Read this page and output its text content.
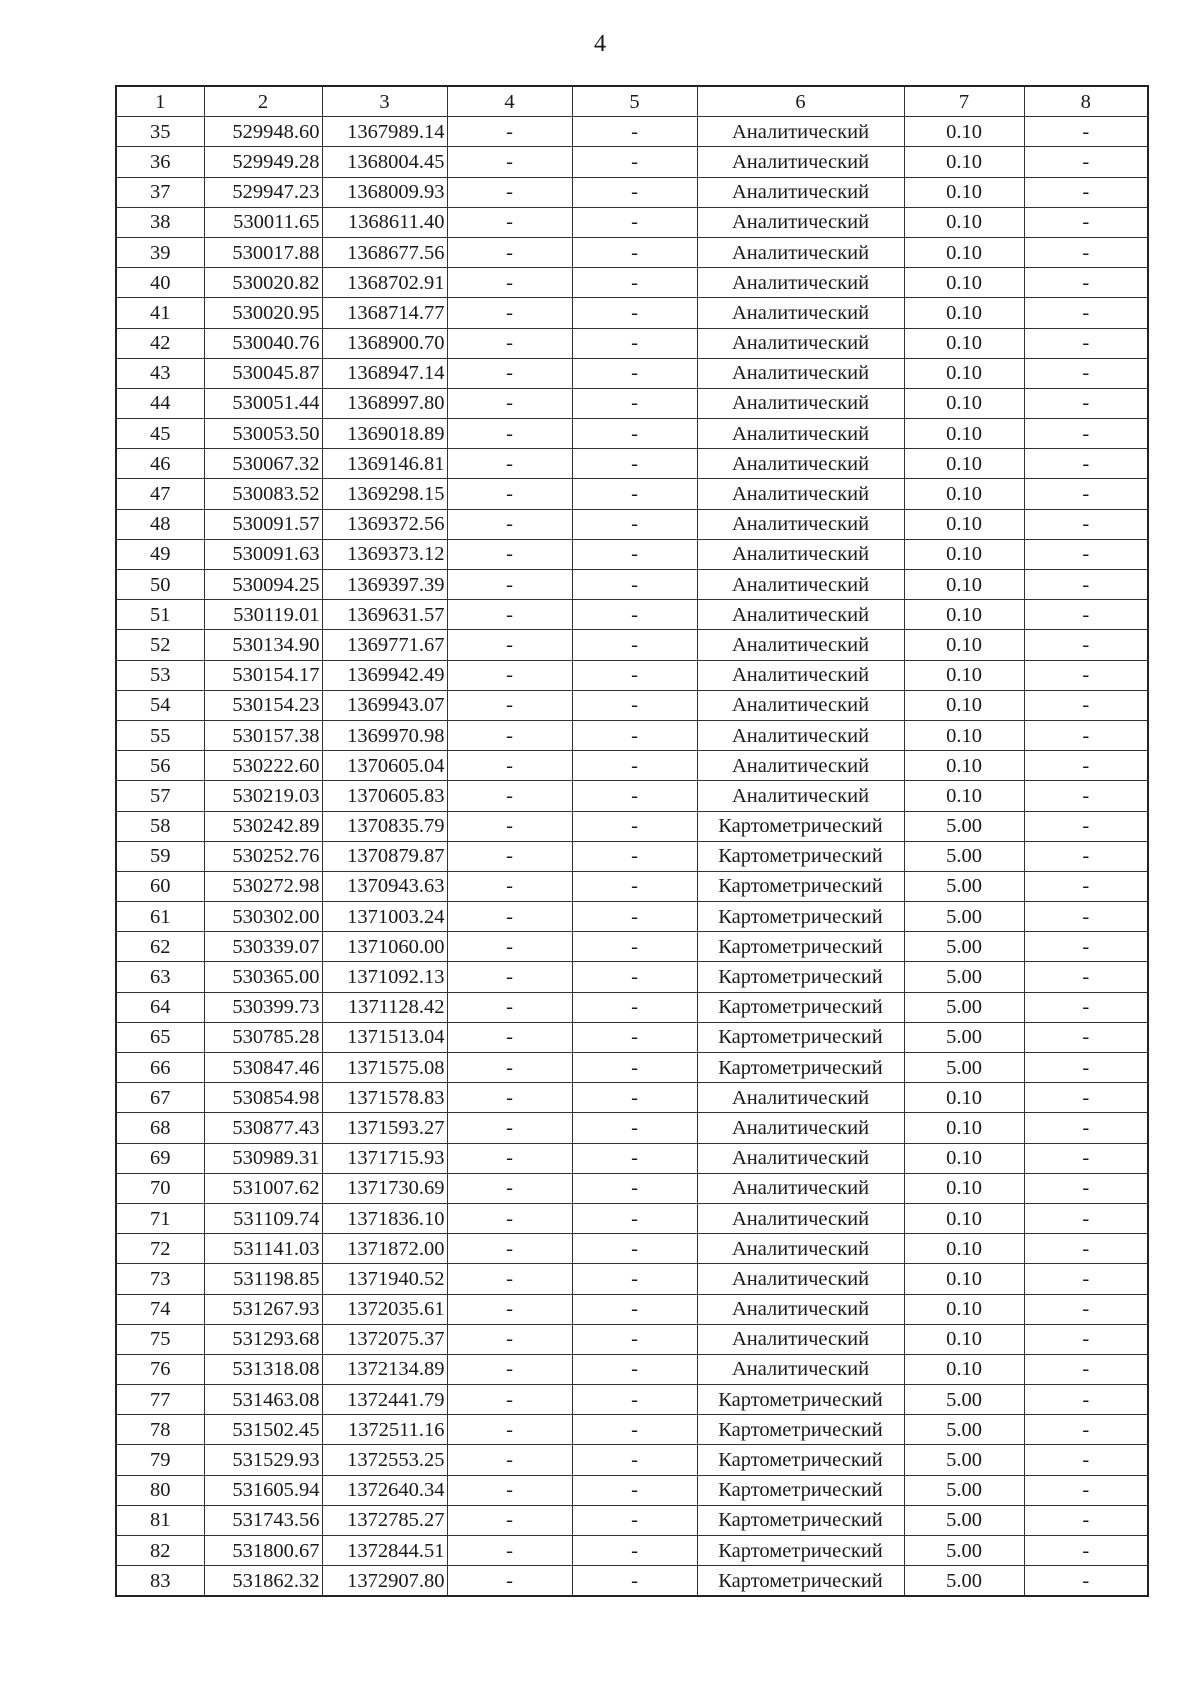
4
1	2	3	4	5	6	7	8
35	529948.60	1367989.14	-	-	Аналитический	0.10	-
36	529949.28	1368004.45	-	-	Аналитический	0.10	-
37	529947.23	1368009.93	-	-	Аналитический	0.10	-
38	530011.65	1368611.40	-	-	Аналитический	0.10	-
39	530017.88	1368677.56	-	-	Аналитический	0.10	-
40	530020.82	1368702.91	-	-	Аналитический	0.10	-
41	530020.95	1368714.77	-	-	Аналитический	0.10	-
42	530040.76	1368900.70	-	-	Аналитический	0.10	-
43	530045.87	1368947.14	-	-	Аналитический	0.10	-
44	530051.44	1368997.80	-	-	Аналитический	0.10	-
45	530053.50	1369018.89	-	-	Аналитический	0.10	-
46	530067.32	1369146.81	-	-	Аналитический	0.10	-
47	530083.52	1369298.15	-	-	Аналитический	0.10	-
48	530091.57	1369372.56	-	-	Аналитический	0.10	-
49	530091.63	1369373.12	-	-	Аналитический	0.10	-
50	530094.25	1369397.39	-	-	Аналитический	0.10	-
51	530119.01	1369631.57	-	-	Аналитический	0.10	-
52	530134.90	1369771.67	-	-	Аналитический	0.10	-
53	530154.17	1369942.49	-	-	Аналитический	0.10	-
54	530154.23	1369943.07	-	-	Аналитический	0.10	-
55	530157.38	1369970.98	-	-	Аналитический	0.10	-
56	530222.60	1370605.04	-	-	Аналитический	0.10	-
57	530219.03	1370605.83	-	-	Аналитический	0.10	-
58	530242.89	1370835.79	-	-	Картометрический	5.00	-
59	530252.76	1370879.87	-	-	Картометрический	5.00	-
60	530272.98	1370943.63	-	-	Картометрический	5.00	-
61	530302.00	1371003.24	-	-	Картометрический	5.00	-
62	530339.07	1371060.00	-	-	Картометрический	5.00	-
63	530365.00	1371092.13	-	-	Картометрический	5.00	-
64	530399.73	1371128.42	-	-	Картометрический	5.00	-
65	530785.28	1371513.04	-	-	Картометрический	5.00	-
66	530847.46	1371575.08	-	-	Картометрический	5.00	-
67	530854.98	1371578.83	-	-	Аналитический	0.10	-
68	530877.43	1371593.27	-	-	Аналитический	0.10	-
69	530989.31	1371715.93	-	-	Аналитический	0.10	-
70	531007.62	1371730.69	-	-	Аналитический	0.10	-
71	531109.74	1371836.10	-	-	Аналитический	0.10	-
72	531141.03	1371872.00	-	-	Аналитический	0.10	-
73	531198.85	1371940.52	-	-	Аналитический	0.10	-
74	531267.93	1372035.61	-	-	Аналитический	0.10	-
75	531293.68	1372075.37	-	-	Аналитический	0.10	-
76	531318.08	1372134.89	-	-	Аналитический	0.10	-
77	531463.08	1372441.79	-	-	Картометрический	5.00	-
78	531502.45	1372511.16	-	-	Картометрический	5.00	-
79	531529.93	1372553.25	-	-	Картометрический	5.00	-
80	531605.94	1372640.34	-	-	Картометрический	5.00	-
81	531743.56	1372785.27	-	-	Картометрический	5.00	-
82	531800.67	1372844.51	-	-	Картометрический	5.00	-
83	531862.32	1372907.80	-	-	Картометрический	5.00	-
